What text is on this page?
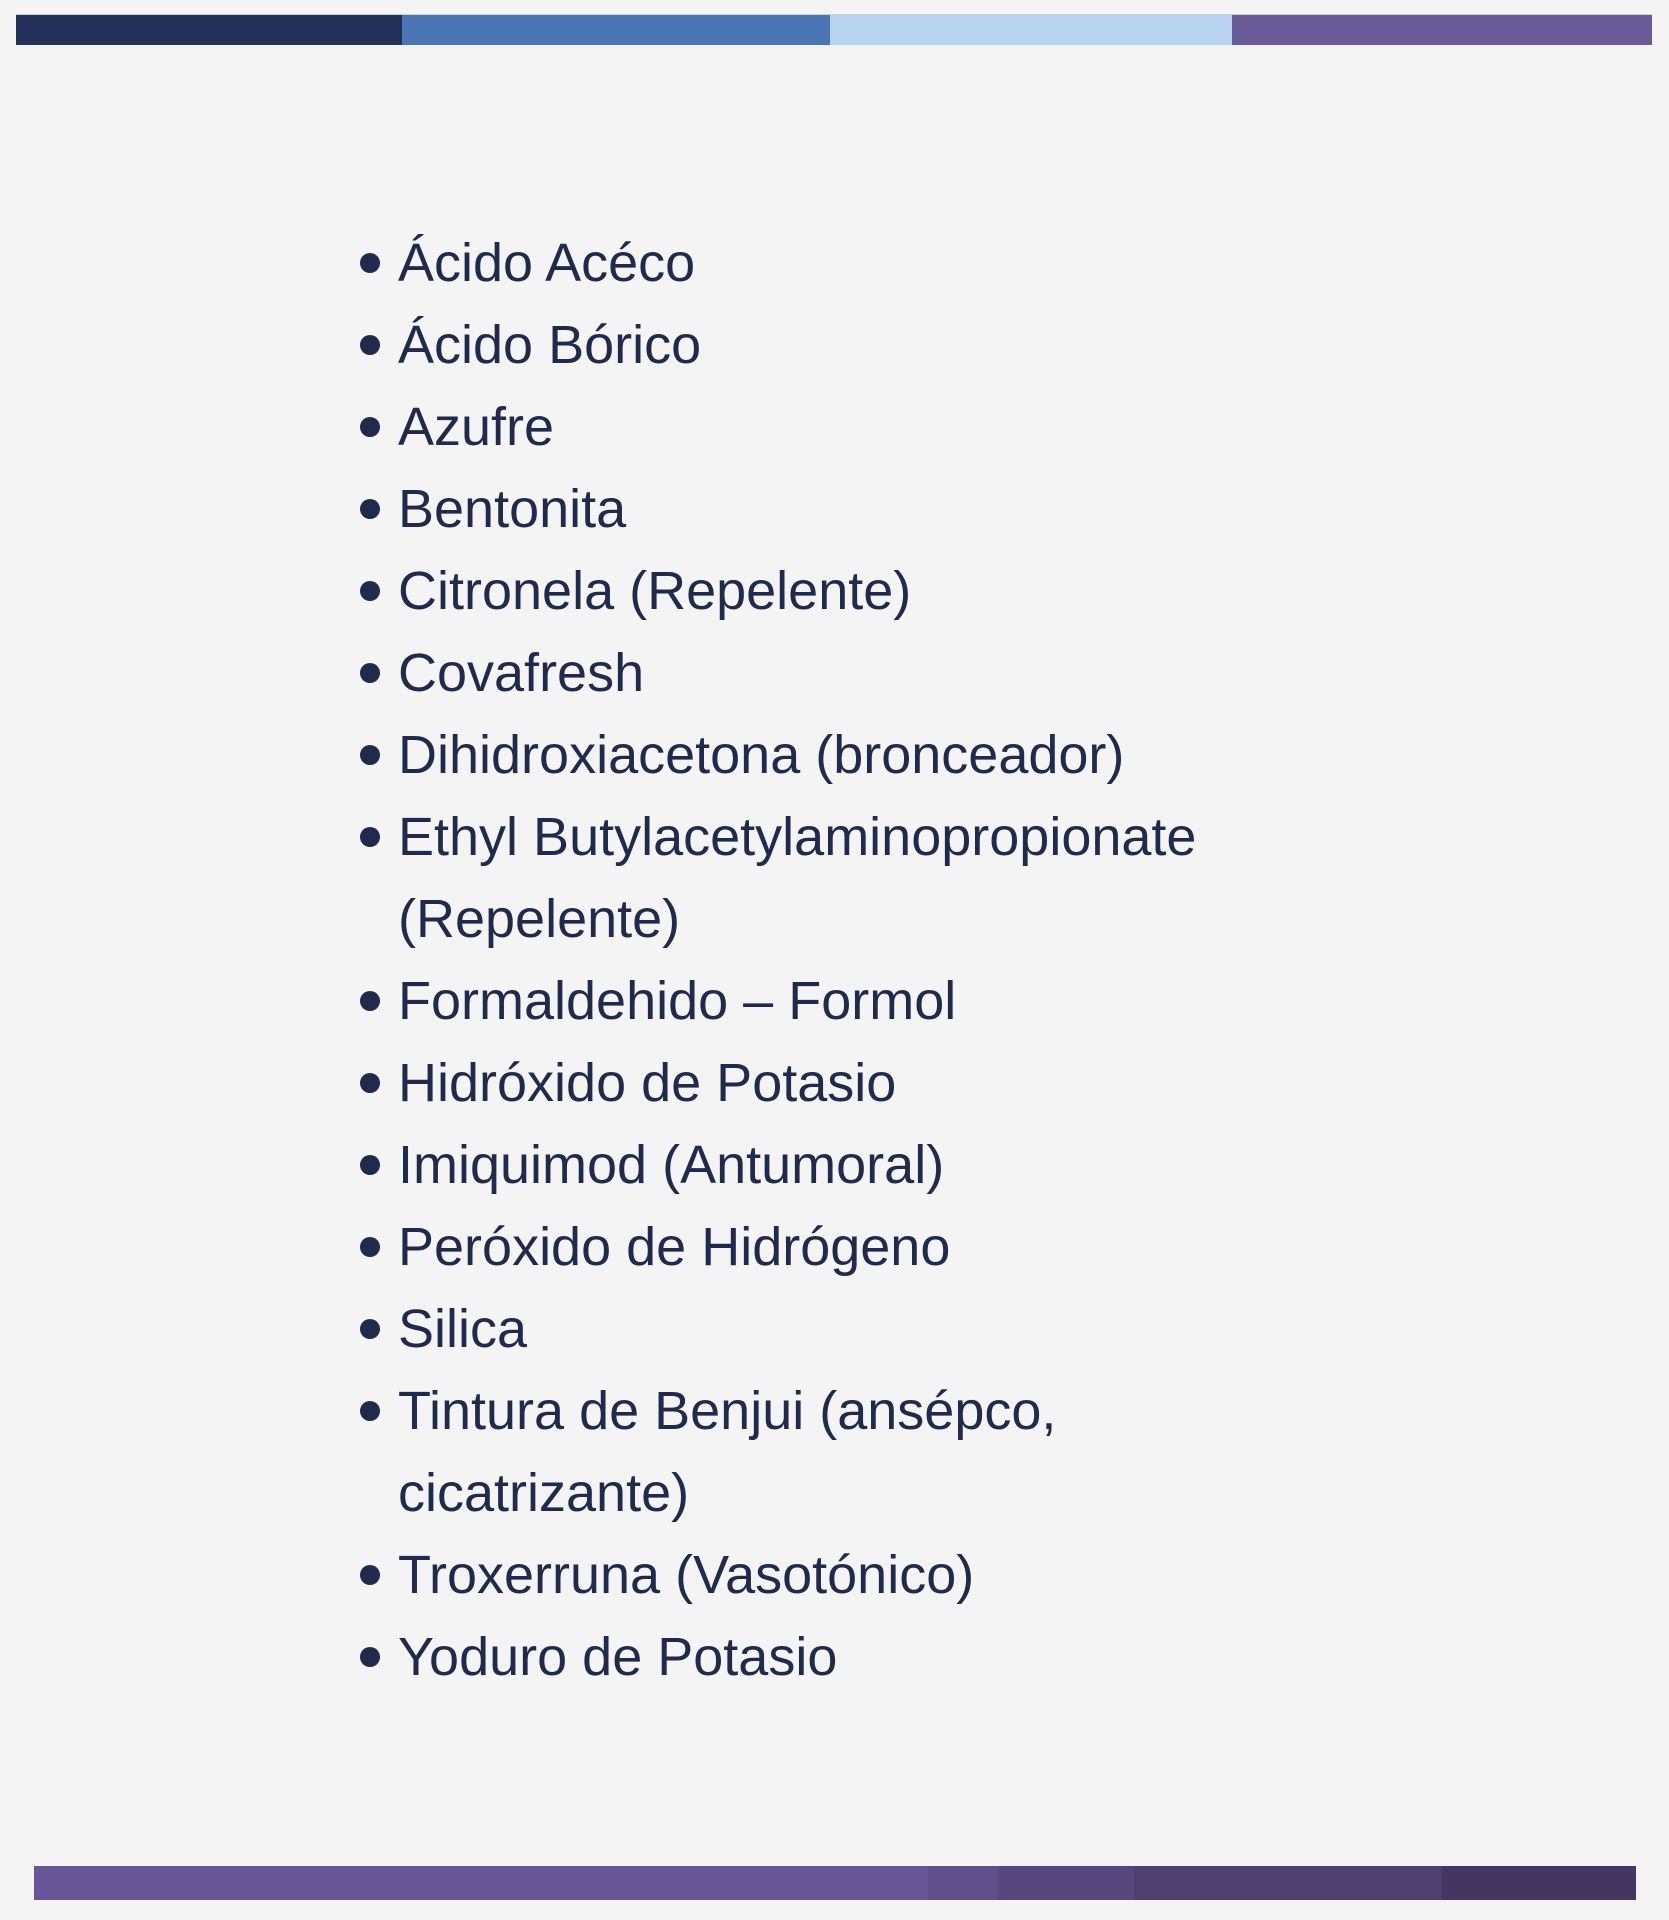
Ácido Acéco
Ácido Bórico
Azufre
Bentonita
Citronela (Repelente)
Covafresh
Dihidroxiacetona (bronceador)
Ethyl Butylacetylaminopropionate (Repelente)
Formaldehido – Formol
Hidróxido de Potasio
Imiquimod (Antumoral)
Peróxido de Hidrógeno
Silica
Tintura de Benjui (ansépco, cicatrizante)
Troxerruna (Vasotónico)
Yoduro de Potasio
